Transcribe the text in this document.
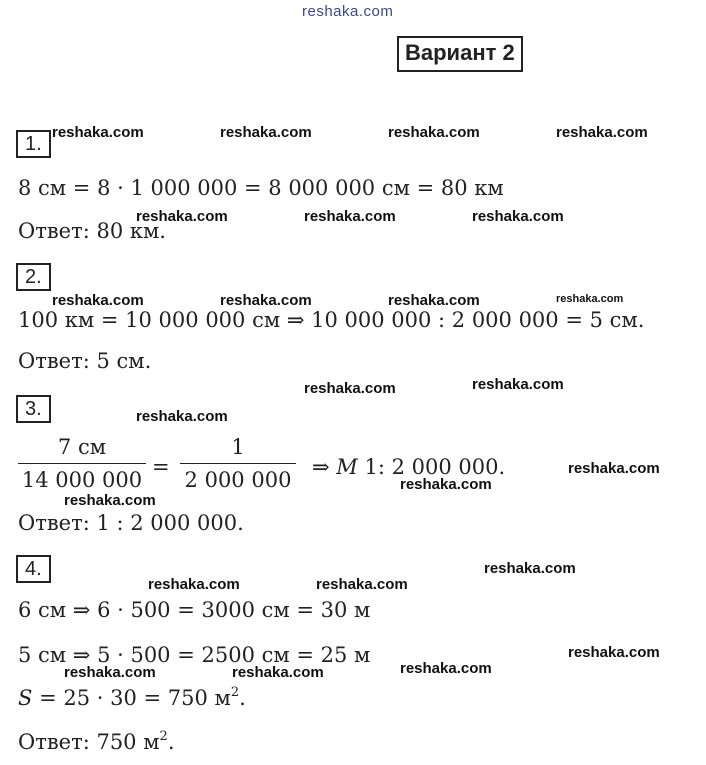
reshaka.com
Вариант 2
1.
8 см = 8 · 1 000 000 = 8 000 000 см = 80 км
Ответ: 80 км.
2.
100 км = 10 000 000 см ⇒ 10 000 000 : 2 000 000 = 5 см.
Ответ: 5 см.
3.
7 см
14 000 000
=
1
2 000 000
⇒ M 1: 2 000 000.
Ответ: 1 : 2 000 000.
4.
6 см ⇒ 6 · 500 = 3000 см = 30 м
5 см ⇒ 5 · 500 = 2500 см = 25 м
S = 25 · 30 = 750 $м^2$.
Ответ: 750 $м^2$.
reshaka.com	reshaka.com	reshaka.com	reshaka.com
reshaka.com	reshaka.com	reshaka.com
reshaka.com	reshaka.com	reshaka.com	reshaka.com
reshaka.com	reshaka.com
reshaka.com
reshaka.com
reshaka.com
reshaka.com
reshaka.com
reshaka.com	reshaka.com
reshaka.com
reshaka.com
reshaka.com	reshaka.com
